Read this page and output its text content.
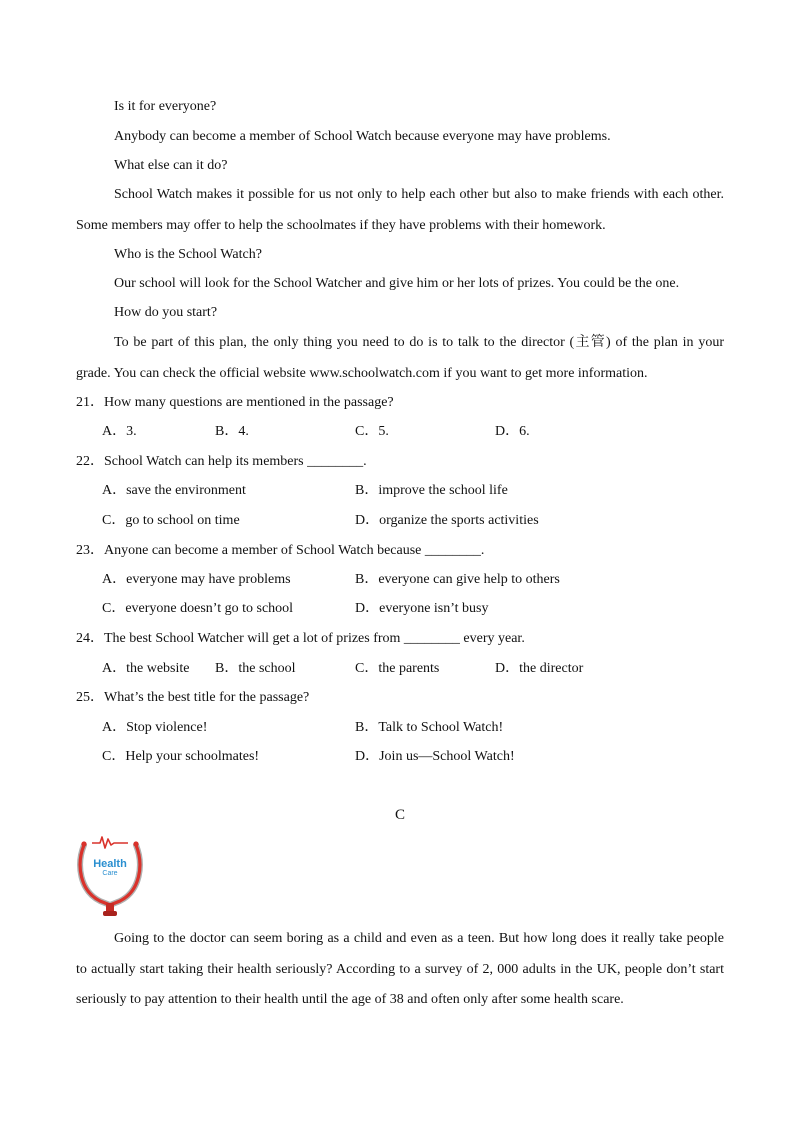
Is it for everyone?
Anybody can become a member of School Watch because everyone may have problems.
What else can it do?
School Watch makes it possible for us not only to help each other but also to make friends with each other.
Some members may offer to help the schoolmates if they have problems with their homework.
Who is the School Watch?
Our school will look for the School Watcher and give him or her lots of prizes. You could be the one.
How do you start?
To be part of this plan, the only thing you need to do is to talk to the director (主管) of the plan in your
grade. You can check the official website www.schoolwatch.com if you want to get more information.
21．How many questions are mentioned in the passage?
A．3.	B．4.	C．5.	D．6.
22．School Watch can help its members ________.
A．save the environment	B．improve the school life
C．go to school on time	D．organize the sports activities
23．Anyone can become a member of School Watch because ________.
A．everyone may have problems	B．everyone can give help to others
C．everyone doesn’t go to school	D．everyone isn’t busy
24．The best School Watcher will get a lot of prizes from ________ every year.
A．the website B．the school	C．the parents	D．the director
25．What’s the best title for the passage?
A．Stop violence!	B．Talk to School Watch!
C．Help your schoolmates!	D．Join us—School Watch!
C
Health
Care
Going to the doctor can seem boring as a child and even as a teen. But how long does it really take people
to actually start taking their health seriously? According to a survey of 2, 000 adults in the UK, people don’t start
seriously to pay attention to their health until the age of 38 and often only after some health scare.
